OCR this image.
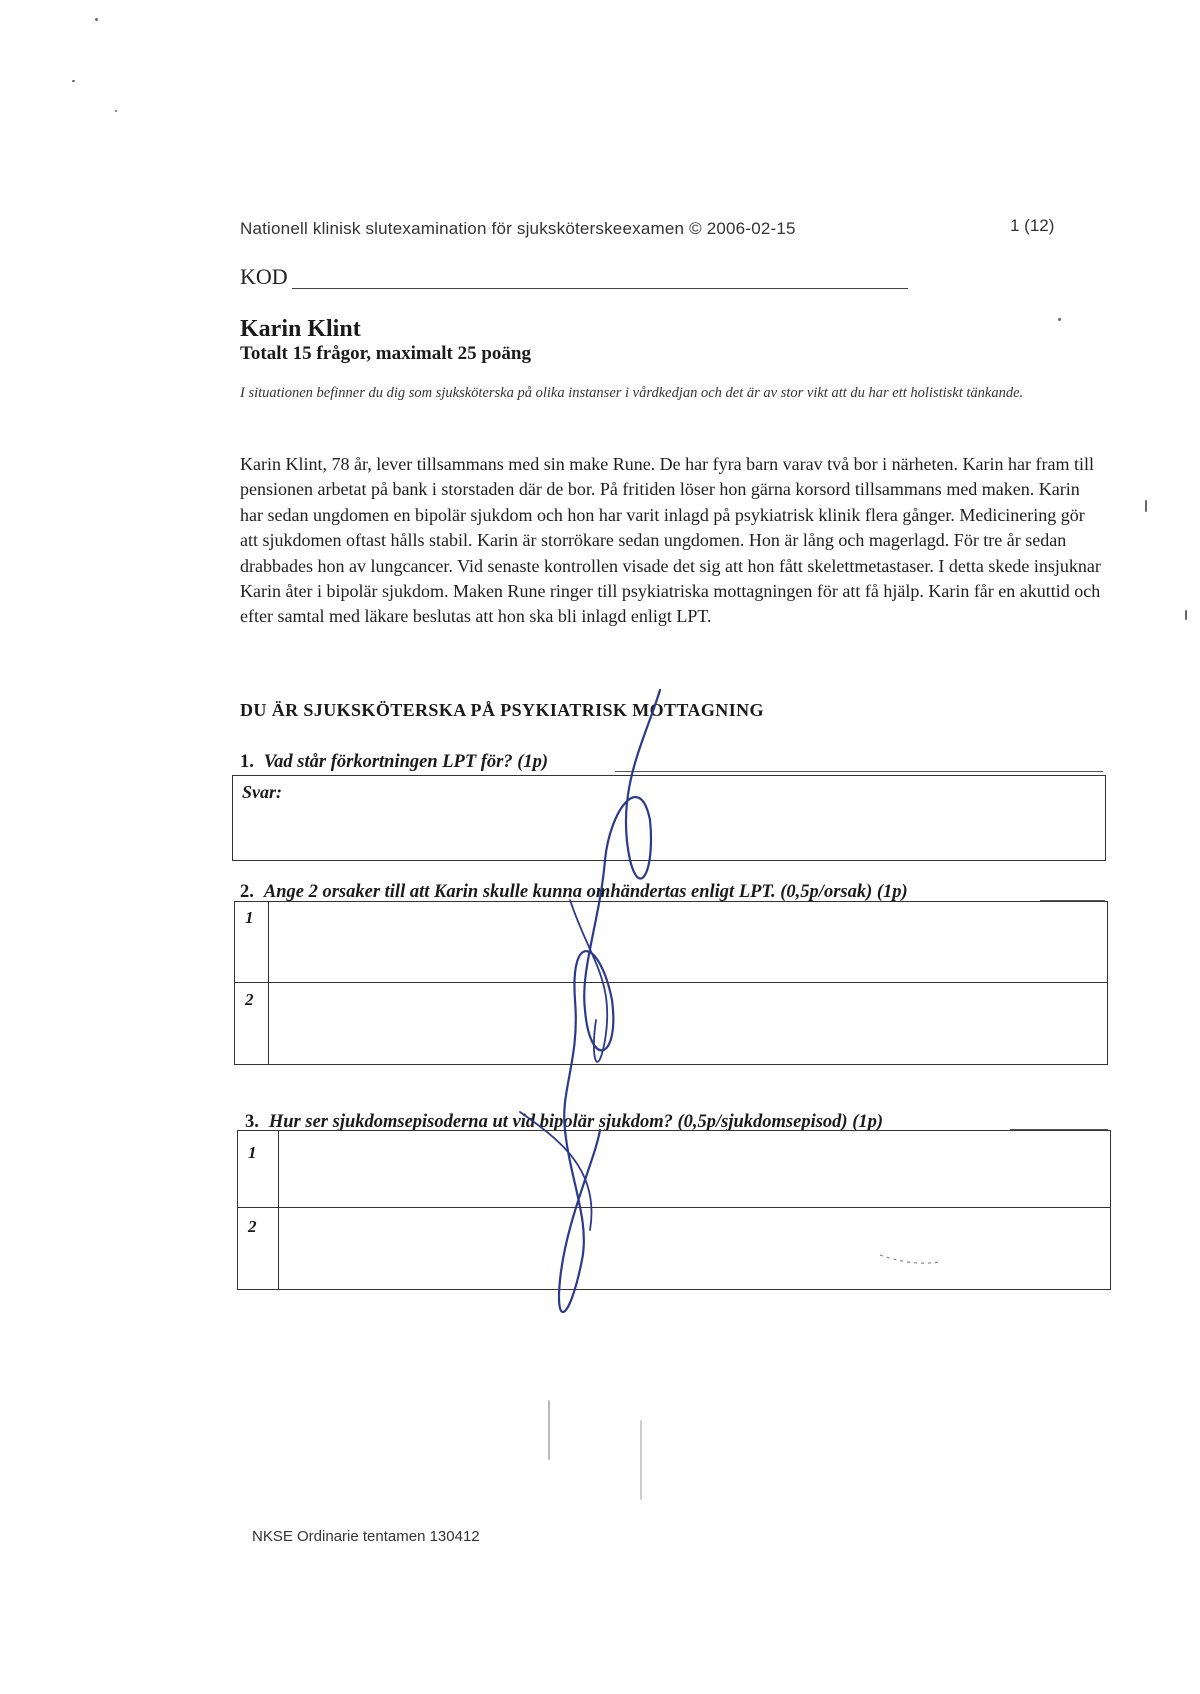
Nationell klinisk slutexamination för sjuksköterskeexamen © 2006-02-15	1 (12)
KOD
Karin Klint
Totalt 15 frågor, maximalt 25 poäng
I situationen befinner du dig som sjuksköterska på olika instanser i vårdkedjan och det är av stor vikt att du har ett holistiskt tänkande.
Karin Klint, 78 år, lever tillsammans med sin make Rune. De har fyra barn varav två bor i närheten. Karin har fram till pensionen arbetat på bank i storstaden där de bor. På fritiden löser hon gärna korsord tillsammans med maken. Karin har sedan ungdomen en bipolär sjukdom och hon har varit inlagd på psykiatrisk klinik flera gånger. Medicinering gör att sjukdomen oftast hålls stabil. Karin är storrökare sedan ungdomen. Hon är lång och magerlagd. För tre år sedan drabbades hon av lungcancer. Vid senaste kontrollen visade det sig att hon fått skelettmetastaser. I detta skede insjuknar Karin åter i bipolär sjukdom. Maken Rune ringer till psykiatriska mottagningen för att få hjälp. Karin får en akuttid och efter samtal med läkare beslutas att hon ska bli inlagd enligt LPT.
DU ÄR SJUKSKÖTERSKA PÅ PSYKIATRISK MOTTAGNING
1. Vad står förkortningen LPT för? (1p)
Svar:
2. Ange 2 orsaker till att Karin skulle kunna omhändertas enligt LPT. (0,5p/orsak) (1p)
1
2
3. Hur ser sjukdomsepisoderna ut vid bipolär sjukdom? (0,5p/sjukdomsepisod) (1p)
1
2
NKSE Ordinarie tentamen 130412
